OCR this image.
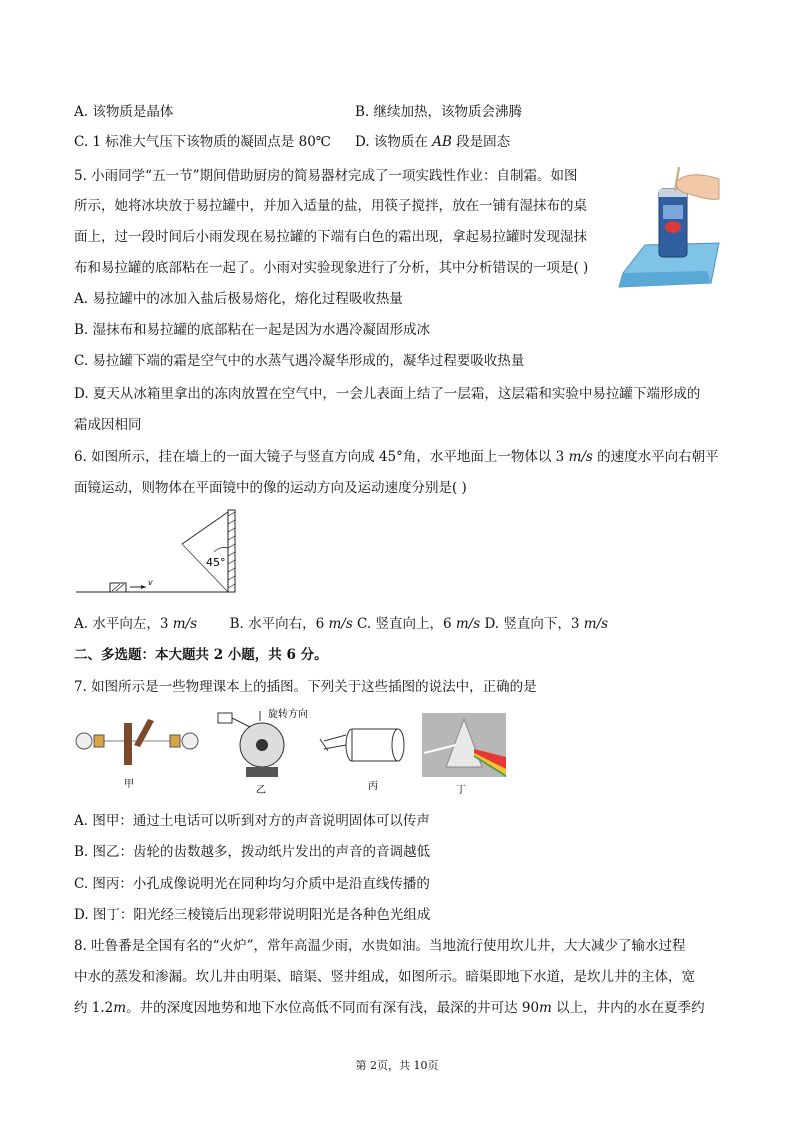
A. 该物质是晶体	B. 继续加热，该物质会沸腾
C. 1 标准大气压下该物质的凝固点是 80℃ D. 该物质在 AB 段是固态
5. 小雨同学“五一节”期间借助厨房的简易器材完成了一项实践性作业：自制霜。如图
所示，她将冰块放于易拉罐中，并加入适量的盐，用筷子搅拌，放在一铺有湿抹布的桌
面上，过一段时间后小雨发现在易拉罐的下端有白色的霜出现，拿起易拉罐时发现湿抹
布和易拉罐的底部粘在一起了。小雨对实验现象进行了分析，其中分析错误的一项是( )
A. 易拉罐中的冰加入盐后极易熔化，熔化过程吸收热量
B. 湿抹布和易拉罐的底部粘在一起是因为水遇冷凝固形成冰
C. 易拉罐下端的霜是空气中的水蒸气遇冷凝华形成的，凝华过程要吸收热量
D. 夏天从冰箱里拿出的冻肉放置在空气中，一会儿表面上结了一层霜，这层霜和实验中易拉罐下端形成的
霜成因相同
6. 如图所示，挂在墙上的一面大镜子与竖直方向成 45°角，水平地面上一物体以 3 m/s 的速度水平向右朝平
面镜运动，则物体在平面镜中的像的运动方向及运动速度分别是( )
v
45°
A. 水平向左，3 m/s B. 水平向右，6 m/s C. 竖直向上，6 m/s D. 竖直向下，3 m/s
二、多选题：本大题共 2 小题，共 6 分。
7. 如图所示是一些物理课本上的插图。下列关于这些插图的说法中，正确的是
甲
旋转方向
乙	丙	丁
A. 图甲：通过土电话可以听到对方的声音说明固体可以传声
B. 图乙：齿轮的齿数越多，拨动纸片发出的声音的音调越低
C. 图丙：小孔成像说明光在同种均匀介质中是沿直线传播的
D. 图丁：阳光经三棱镜后出现彩带说明阳光是各种色光组成
8. 吐鲁番是全国有名的“火炉”，常年高温少雨，水贵如油。当地流行使用坎儿井，大大减少了输水过程
中水的蒸发和渗漏。坎儿井由明渠、暗渠、竖井组成，如图所示。暗渠即地下水道，是坎儿井的主体，宽
约 1.2m。井的深度因地势和地下水位高低不同而有深有浅，最深的井可达 90m 以上，井内的水在夏季约
第 2页，共 10页
